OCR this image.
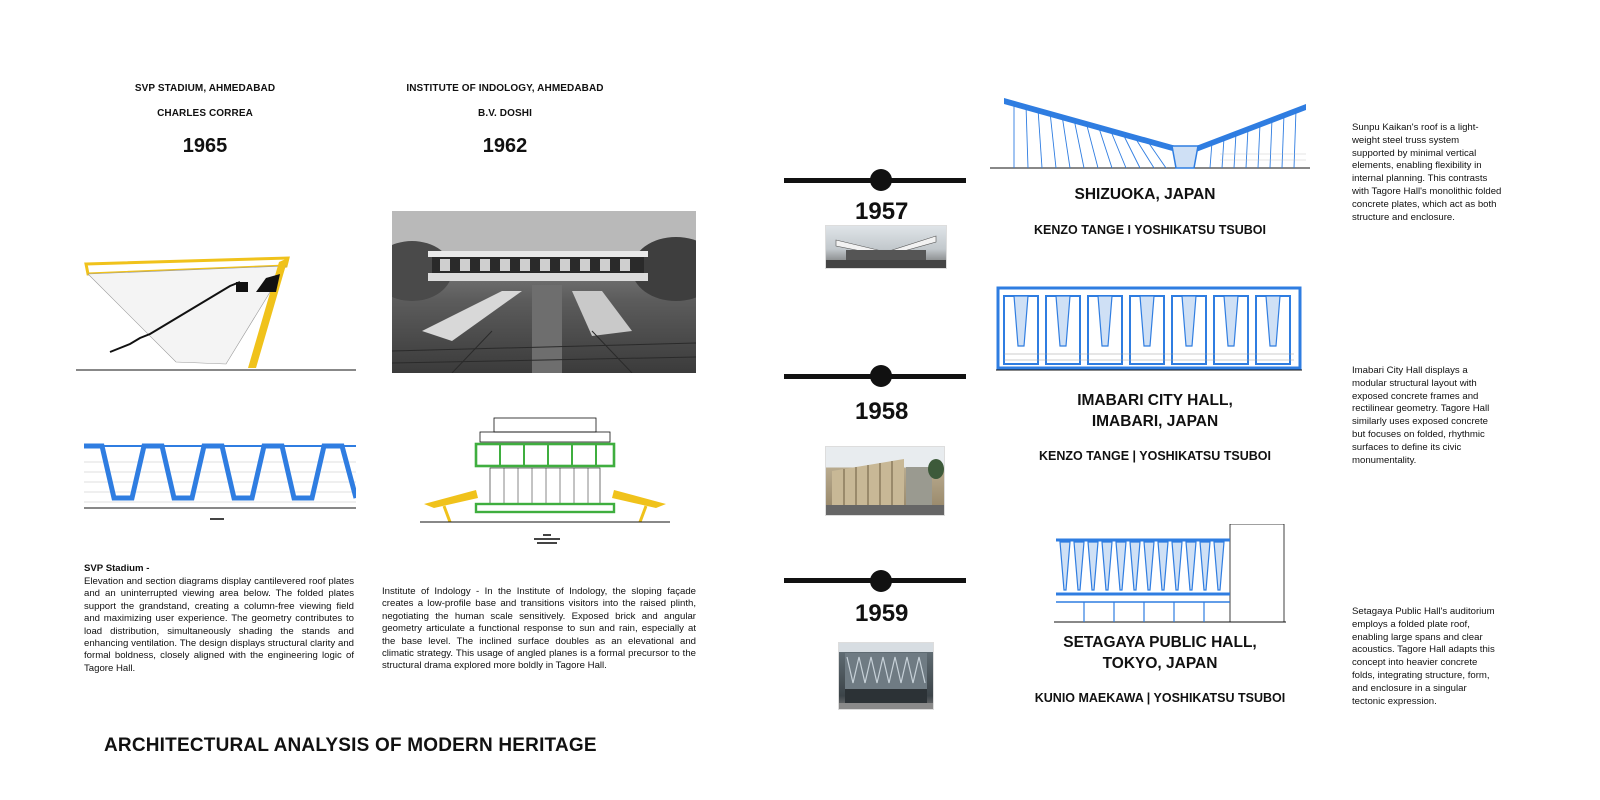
SVP STADIUM, AHMEDABAD
CHARLES CORREA
1965
SVP Stadium -
Elevation and section diagrams display cantilevered roof plates and an uninterrupted viewing area below. The folded plates support the grandstand, creating a column-free viewing field and maximizing user experience. The geometry contributes to load distribution, simultaneously shading the stands and enhancing ventilation. The design displays structural clarity and formal boldness, closely aligned with the engineering logic of Tagore Hall.
INSTITUTE OF INDOLOGY, AHMEDABAD
B.V. DOSHI
1962
Institute of Indology - In the Institute of Indology, the sloping façade creates a low-profile base and transitions visitors into the raised plinth, negotiating the human scale sensitively. Exposed brick and angular geometry articulate a functional response to sun and rain, especially at the base level. The inclined surface doubles as an elevational and climatic strategy. This usage of angled planes is a formal precursor to the structural drama explored more boldly in Tagore Hall.
1957
SHIZUOKA, JAPAN
KENZO TANGE I YOSHIKATSU TSUBOI
Sunpu Kaikan's roof is a light-weight steel truss system supported by minimal vertical elements, enabling flexibility in internal planning. This contrasts with Tagore Hall's monolithic folded concrete plates, which act as both structure and enclosure.
1958	IMABARI CITY HALL,
IMABARI, JAPAN
KENZO TANGE | YOSHIKATSU TSUBOI
Imabari City Hall displays a modular structural layout with exposed concrete frames and rectilinear geometry. Tagore Hall similarly uses exposed concrete but focuses on folded, rhythmic surfaces to define its civic monumentality.
1959
SETAGAYA PUBLIC HALL,
TOKYO, JAPAN
KUNIO MAEKAWA | YOSHIKATSU TSUBOI
Setagaya Public Hall's auditorium employs a folded plate roof, enabling large spans and clear acoustics. Tagore Hall adapts this concept into heavier concrete folds, integrating structure, form, and enclosure in a singular tectonic expression.
ARCHITECTURAL ANALYSIS OF MODERN HERITAGE
